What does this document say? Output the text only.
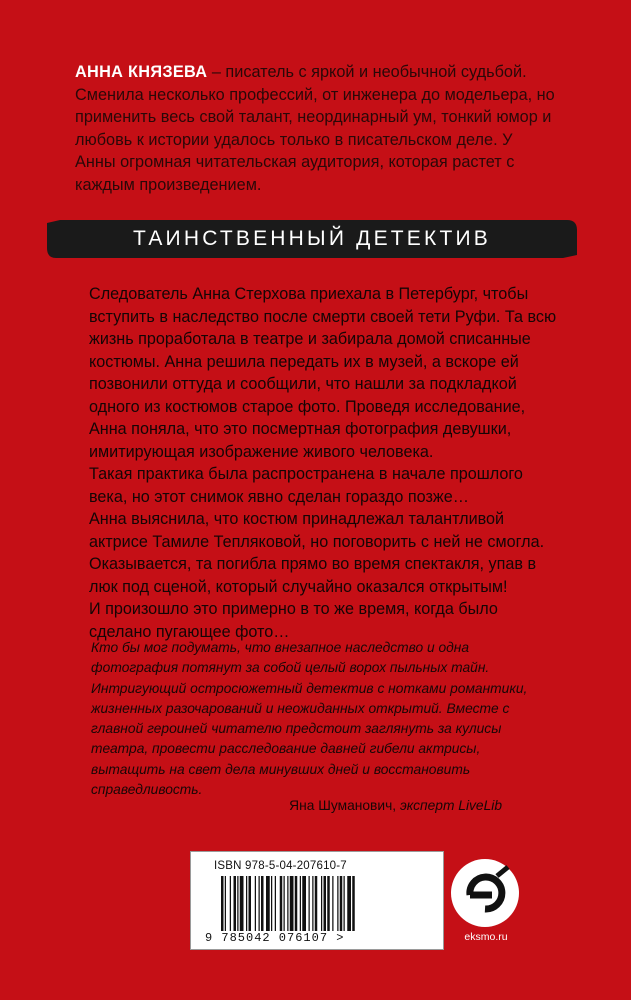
АННА КНЯЗЕВА – писатель с яркой и необычной судьбой. Сменила несколько профессий, от инженера до модельера, но применить весь свой талант, неординарный ум, тонкий юмор и любовь к истории удалось только в писательском деле. У Анны огромная читательская аудитория, которая растет с каждым произведением.
ТАИНСТВЕННЫЙ ДЕТЕКТИВ

Следователь Анна Стерхова приехала в Петербург, чтобы вступить в наследство после смерти своей тети Руфи. Та всю жизнь проработала в театре и забирала домой списанные костюмы. Анна решила передать их в музей, а вскоре ей позвонили оттуда и сообщили, что нашли за подкладкой одного из костюмов старое фото. Проведя исследование, Анна поняла, что это посмертная фотография девушки, имитирующая изображение живого человека.

Такая практика была распространена в начале прошлого века, но этот снимок явно сделан гораздо позже…

Анна выяснила, что костюм принадлежал талантливой актрисе Тамиле Тепляковой, но поговорить с ней не смогла. Оказывается, та погибла прямо во время спектакля, упав в люк под сценой, который случайно оказался открытым!

И произошло это примерно в то же время, когда было сделано пугающее фото…

Кто бы мог подумать, что внезапное наследство и одна фотография потянут за собой целый ворох пыльных тайн. Интригующий остросюжетный детектив с нотками романтики, жизненных разочарований и неожиданных открытий. Вместе с главной героиней читателю предстоит заглянуть за кулисы театра, провести расследование давней гибели актрисы, вытащить на свет дела минувших дней и восстановить справедливость.

Яна Шуманович, эксперт LiveLib
ISBN 978-5-04-207610-7
9 785042 076107 >	eksmo.ru
